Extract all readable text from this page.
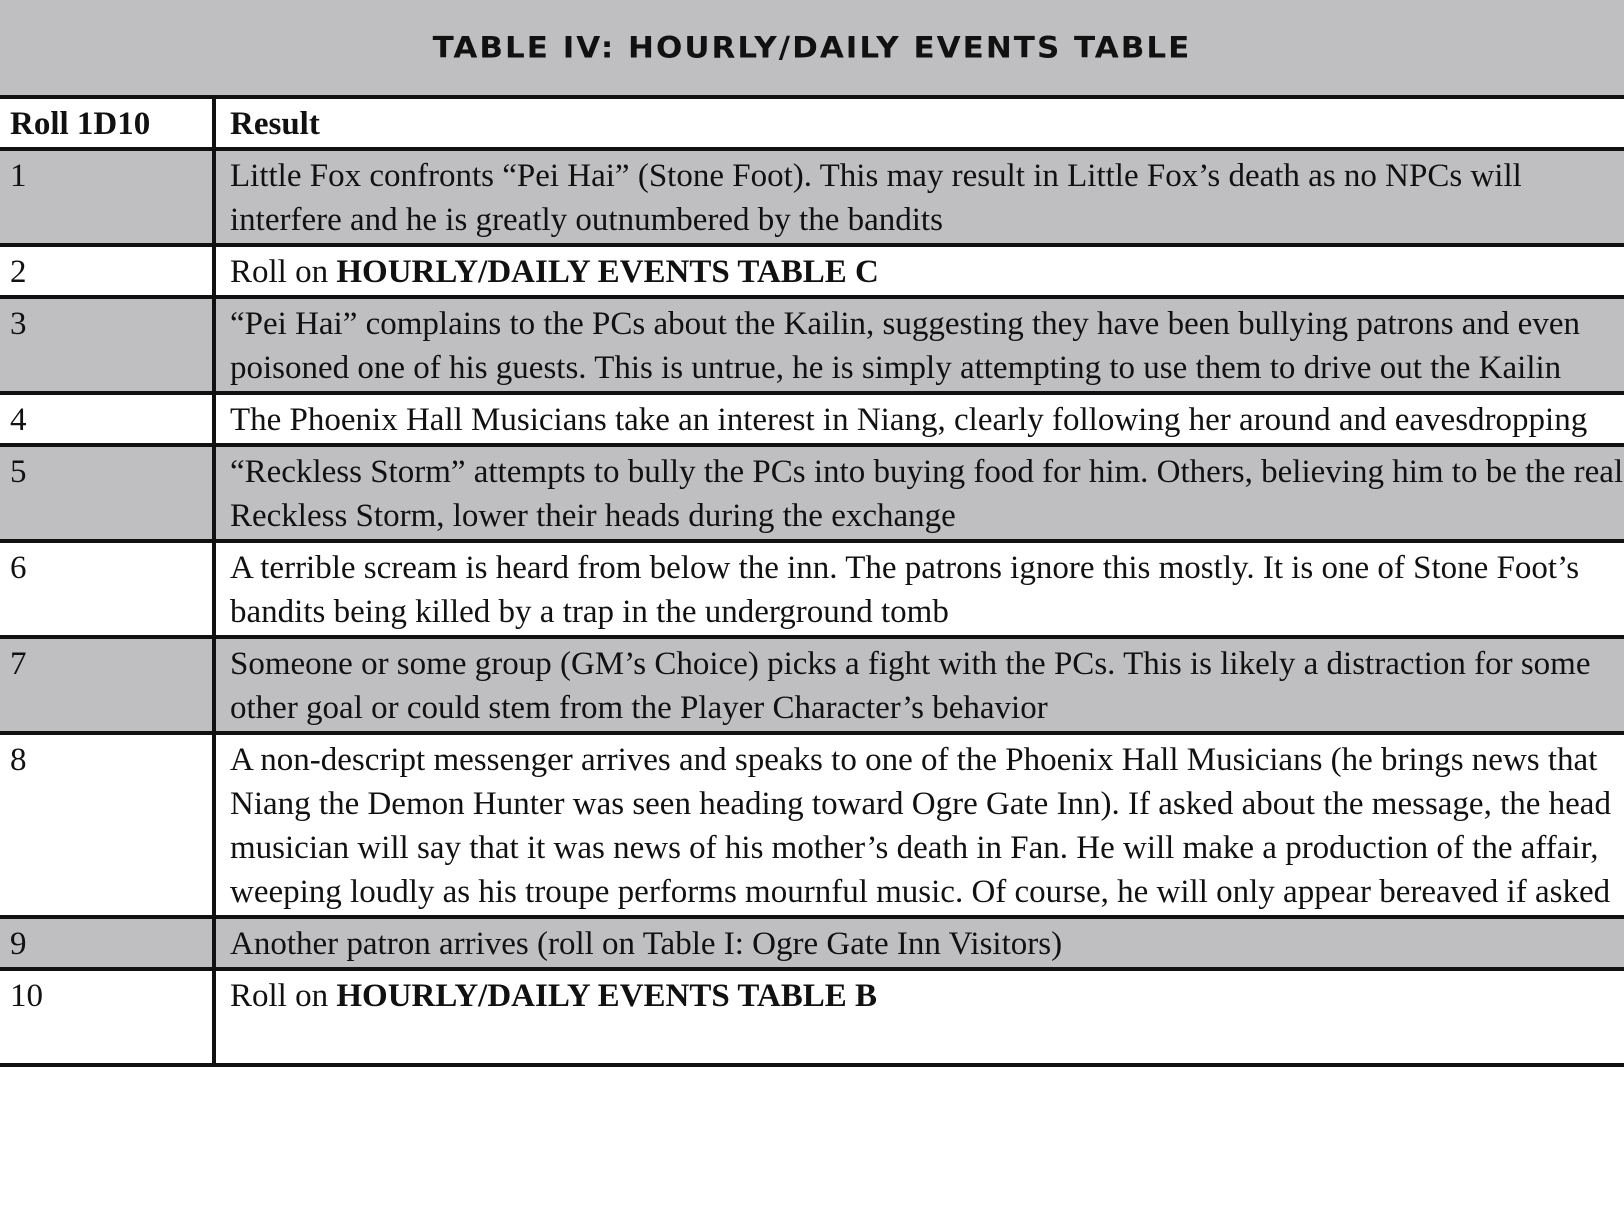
TABLE IV: HOURLY/DAILY EVENTS TABLE
Roll 1D10	Result
1	Little Fox confronts “Pei Hai” (Stone Foot). This may result in Little Fox’s death as no NPCs will interfere and he is greatly outnumbered by the bandits
2	Roll on HOURLY/DAILY EVENTS TABLE C
3	“Pei Hai” complains to the PCs about the Kailin, suggesting they have been bullying patrons and even poisoned one of his guests. This is untrue, he is simply attempting to use them to drive out the Kailin
4	The Phoenix Hall Musicians take an interest in Niang, clearly following her around and eavesdropping
5	“Reckless Storm” attempts to bully the PCs into buying food for him. Others, believing him to be the real Reckless Storm, lower their heads during the exchange
6	A terrible scream is heard from below the inn. The patrons ignore this mostly. It is one of Stone Foot’s bandits being killed by a trap in the underground tomb
7	Someone or some group (GM’s Choice) picks a fight with the PCs. This is likely a distraction for some other goal or could stem from the Player Character’s behavior
8	A non-descript messenger arrives and speaks to one of the Phoenix Hall Musicians (he brings news that Niang the Demon Hunter was seen heading toward Ogre Gate Inn). If asked about the message, the head musician will say that it was news of his mother’s death in Fan. He will make a production of the affair, weeping loudly as his troupe performs mournful music. Of course, he will only appear bereaved if asked
9	Another patron arrives (roll on Table I: Ogre Gate Inn Visitors)
10	Roll on HOURLY/DAILY EVENTS TABLE B
